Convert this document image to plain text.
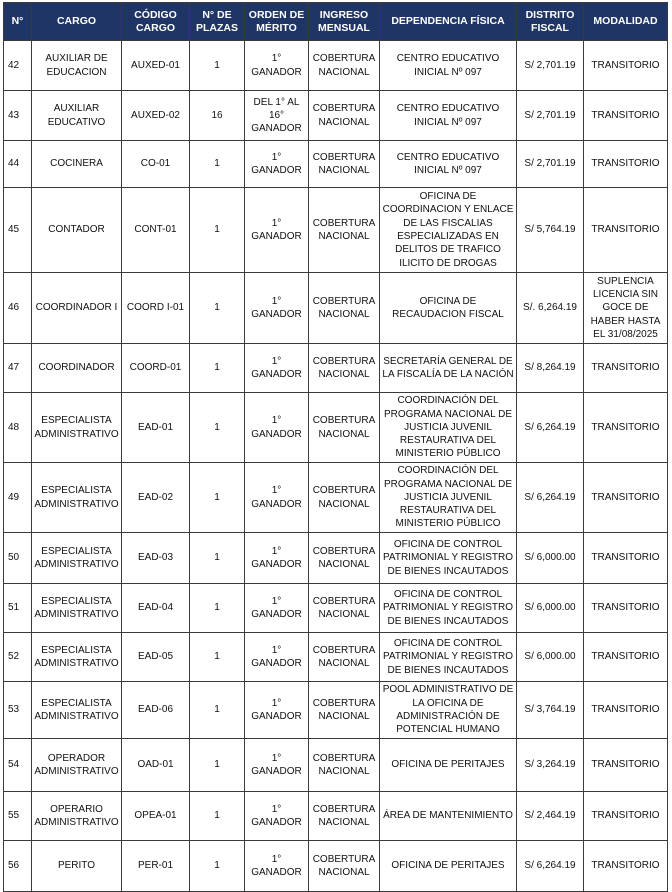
N°	CARGO	CÓDIGO CARGO	N° DE PLAZAS	ORDEN DE MÉRITO	INGRESO MENSUAL	DEPENDENCIA FÍSICA	DISTRITO FISCAL	MODALIDAD
42	AUXILIAR DE EDUCACION	AUXED-01	1	1° GANADOR	COBERTURA NACIONAL	CENTRO EDUCATIVO INICIAL Nº 097	S/ 2,701.19	TRANSITORIO
43	AUXILIAR EDUCATIVO	AUXED-02	16	DEL 1° AL 16° GANADOR	COBERTURA NACIONAL	CENTRO EDUCATIVO INICIAL Nº 097	S/ 2,701.19	TRANSITORIO
44	COCINERA	CO-01	1	1° GANADOR	COBERTURA NACIONAL	CENTRO EDUCATIVO INICIAL Nº 097	S/ 2,701.19	TRANSITORIO
45	CONTADOR	CONT-01	1	1° GANADOR	COBERTURA NACIONAL	OFICINA DE COORDINACION Y ENLACE DE LAS FISCALIAS ESPECIALIZADAS EN DELITOS DE TRAFICO ILICITO DE DROGAS	S/ 5,764.19	TRANSITORIO
46	COORDINADOR I	COORD I-01	1	1° GANADOR	COBERTURA NACIONAL	OFICINA DE RECAUDACION FISCAL	S/. 6,264.19	SUPLENCIA LICENCIA SIN GOCE DE HABER HASTA EL 31/08/2025
47	COORDINADOR	COORD-01	1	1° GANADOR	COBERTURA NACIONAL	SECRETARÍA GENERAL DE LA FISCALÍA DE LA NACIÓN	S/ 8,264.19	TRANSITORIO
48	ESPECIALISTA ADMINISTRATIVO	EAD-01	1	1° GANADOR	COBERTURA NACIONAL	COORDINACIÓN DEL PROGRAMA NACIONAL DE JUSTICIA JUVENIL RESTAURATIVA DEL MINISTERIO PÚBLICO	S/ 6,264.19	TRANSITORIO
49	ESPECIALISTA ADMINISTRATIVO	EAD-02	1	1° GANADOR	COBERTURA NACIONAL	COORDINACIÓN DEL PROGRAMA NACIONAL DE JUSTICIA JUVENIL RESTAURATIVA DEL MINISTERIO PÚBLICO	S/ 6,264.19	TRANSITORIO
50	ESPECIALISTA ADMINISTRATIVO	EAD-03	1	1° GANADOR	COBERTURA NACIONAL	OFICINA DE CONTROL PATRIMONIAL Y REGISTRO DE BIENES INCAUTADOS	S/ 6,000.00	TRANSITORIO
51	ESPECIALISTA ADMINISTRATIVO	EAD-04	1	1° GANADOR	COBERTURA NACIONAL	OFICINA DE CONTROL PATRIMONIAL Y REGISTRO DE BIENES INCAUTADOS	S/ 6,000.00	TRANSITORIO
52	ESPECIALISTA ADMINISTRATIVO	EAD-05	1	1° GANADOR	COBERTURA NACIONAL	OFICINA DE CONTROL PATRIMONIAL Y REGISTRO DE BIENES INCAUTADOS	S/ 6,000.00	TRANSITORIO
53	ESPECIALISTA ADMINISTRATIVO	EAD-06	1	1° GANADOR	COBERTURA NACIONAL	POOL ADMINISTRATIVO DE LA OFICINA DE ADMINISTRACIÓN DE POTENCIAL HUMANO	S/ 3,764.19	TRANSITORIO
54	OPERADOR ADMINISTRATIVO	OAD-01	1	1° GANADOR	COBERTURA NACIONAL	OFICINA DE PERITAJES	S/ 3,264.19	TRANSITORIO
55	OPERARIO ADMINISTRATIVO	OPEA-01	1	1° GANADOR	COBERTURA NACIONAL	ÁREA DE MANTENIMIENTO	S/ 2,464.19	TRANSITORIO
56	PERITO	PER-01	1	1° GANADOR	COBERTURA NACIONAL	OFICINA DE PERITAJES	S/ 6,264.19	TRANSITORIO
